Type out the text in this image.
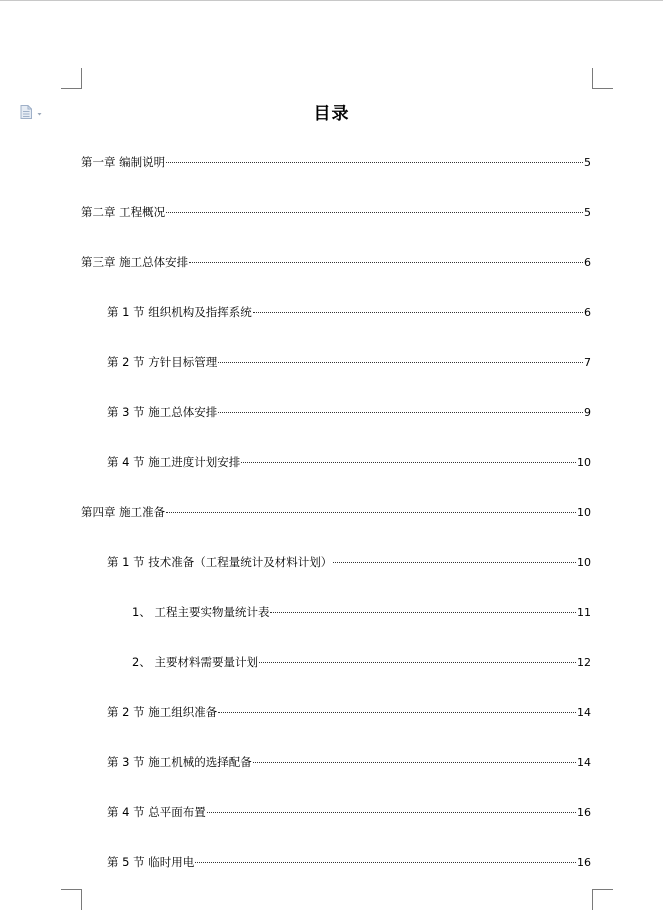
目录
第一章 编制说明	5
第二章 工程概况	5
第三章 施工总体安排	6
第 1 节 组织机构及指挥系统	6
第 2 节 方针目标管理	7
第 3 节 施工总体安排	9
第 4 节 施工进度计划安排	10
第四章 施工准备	10
第 1 节 技术准备（工程量统计及材料计划）	10
1、 工程主要实物量统计表	11
2、 主要材料需要量计划	12
第 2 节 施工组织准备	14
第 3 节 施工机械的选择配备	14
第 4 节 总平面布置	16
第 5 节 临时用电	16
